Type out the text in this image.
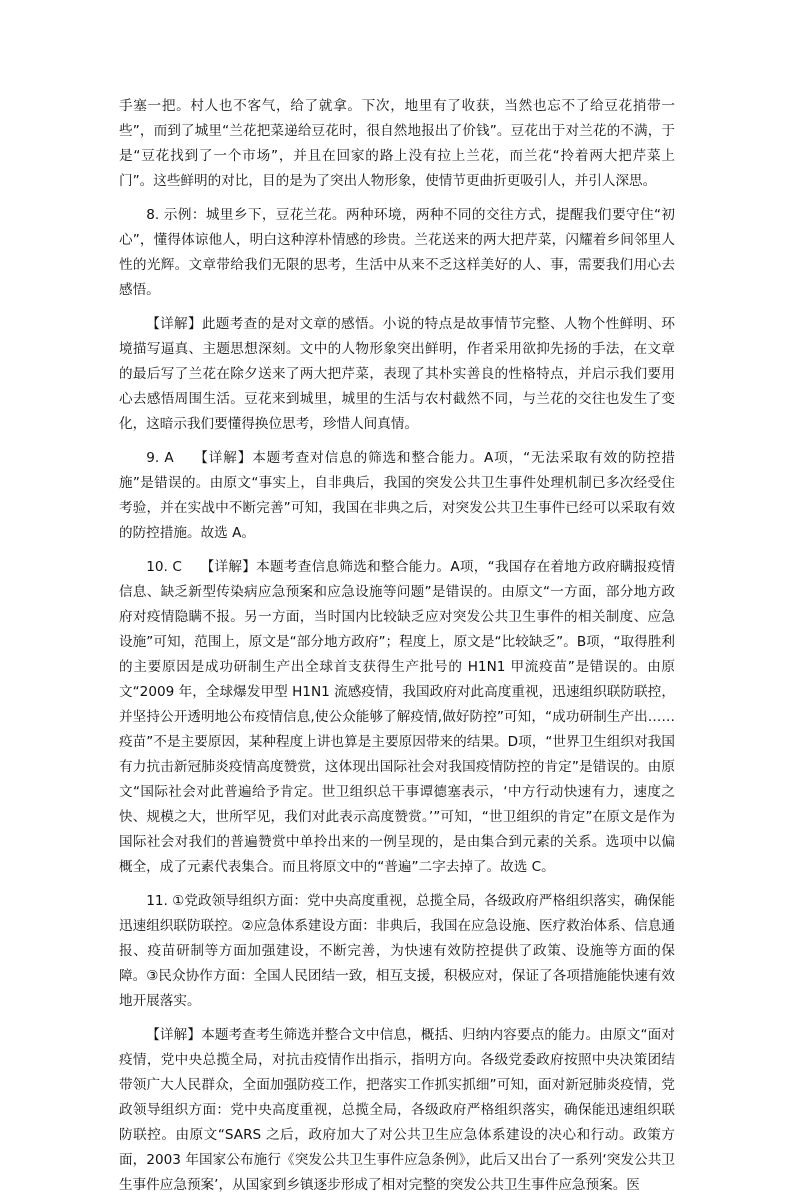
手塞一把。村人也不客气，给了就拿。下次，地里有了收获，当然也忘不了给豆花捎带一些”，而到了城里“兰花把菜递给豆花时，很自然地报出了价钱”。豆花出于对兰花的不满，于是“豆花找到了一个市场”，并且在回家的路上没有拉上兰花，而兰花“拎着两大把芹菜上门”。这些鲜明的对比，目的是为了突出人物形象，使情节更曲折更吸引人，并引人深思。

8. 示例：城里乡下，豆花兰花。两种环境，两种不同的交往方式，提醒我们要守住“初心”，懂得体谅他人，明白这种淳朴情感的珍贵。兰花送来的两大把芹菜，闪耀着乡间邻里人性的光辉。文章带给我们无限的思考，生活中从来不乏这样美好的人、事，需要我们用心去感悟。

【详解】此题考查的是对文章的感悟。小说的特点是故事情节完整、人物个性鲜明、环境描写逼真、主题思想深刻。文中的人物形象突出鲜明，作者采用欲抑先扬的手法，在文章的最后写了兰花在除夕送来了两大把芹菜，表现了其朴实善良的性格特点，并启示我们要用心去感悟周围生活。豆花来到城里，城里的生活与农村截然不同，与兰花的交往也发生了变化，这暗示我们要懂得换位思考，珍惜人间真情。

9. A　 【详解】本题考查对信息的筛选和整合能力。A项，“无法采取有效的防控措施”是错误的。由原文“事实上，自非典后，我国的突发公共卫生事件处理机制已多次经受住考验，并在实战中不断完善”可知，我国在非典之后，对突发公共卫生事件已经可以采取有效的防控措施。故选 A。

10. C　 【详解】本题考查信息筛选和整合能力。A项，“我国存在着地方政府瞒报疫情信息、缺乏新型传染病应急预案和应急设施等问题”是错误的。由原文“一方面，部分地方政府对疫情隐瞒不报。另一方面，当时国内比较缺乏应对突发公共卫生事件的相关制度、应急设施”可知，范围上，原文是“部分地方政府”；程度上，原文是“比较缺乏”。B项，“取得胜利的主要原因是成功研制生产出全球首支获得生产批号的 H1N1 甲流疫苗”是错误的。由原文“2009 年，全球爆发甲型 H1N1 流感疫情，我国政府对此高度重视，迅速组织联防联控，并坚持公开透明地公布疫情信息,使公众能够了解疫情,做好防控”可知，“成功研制生产出……疫苗”不是主要原因，某种程度上讲也算是主要原因带来的结果。D项，“世界卫生组织对我国有力抗击新冠肺炎疫情高度赞赏，这体现出国际社会对我国疫情防控的肯定”是错误的。由原文“国际社会对此普遍给予肯定。世卫组织总干事谭德塞表示，‘中方行动快速有力，速度之快、规模之大，世所罕见，我们对此表示高度赞赏。’”可知，“世卫组织的肯定”在原文是作为国际社会对我们的普遍赞赏中单拎出来的一例呈现的，是由集合到元素的关系。选项中以偏概全，成了元素代表集合。而且将原文中的“普遍”二字去掉了。故选 C。

11. ①党政领导组织方面：党中央高度重视，总揽全局，各级政府严格组织落实，确保能迅速组织联防联控。②应急体系建设方面：非典后，我国在应急设施、医疗救治体系、信息通报、疫苗研制等方面加强建设，不断完善，为快速有效防控提供了政策、设施等方面的保障。③民众协作方面：全国人民团结一致，相互支援，积极应对，保证了各项措施能快速有效地开展落实。

【详解】本题考查考生筛选并整合文中信息，概括、归纳内容要点的能力。由原文“面对疫情，党中央总揽全局，对抗击疫情作出指示，指明方向。各级党委政府按照中央决策团结带领广大人民群众，全面加强防疫工作，把落实工作抓实抓细”可知，面对新冠肺炎疫情，党政领导组织方面：党中央高度重视，总揽全局，各级政府严格组织落实，确保能迅速组织联防联控。由原文“SARS 之后，政府加大了对公共卫生应急体系建设的决心和行动。政策方面，2003 年国家公布施行《突发公共卫生事件应急条例》，此后又出台了一系列‘突发公共卫生事件应急预案’，从国家到乡镇逐步形成了相对完整的突发公共卫生事件应急预案。医
